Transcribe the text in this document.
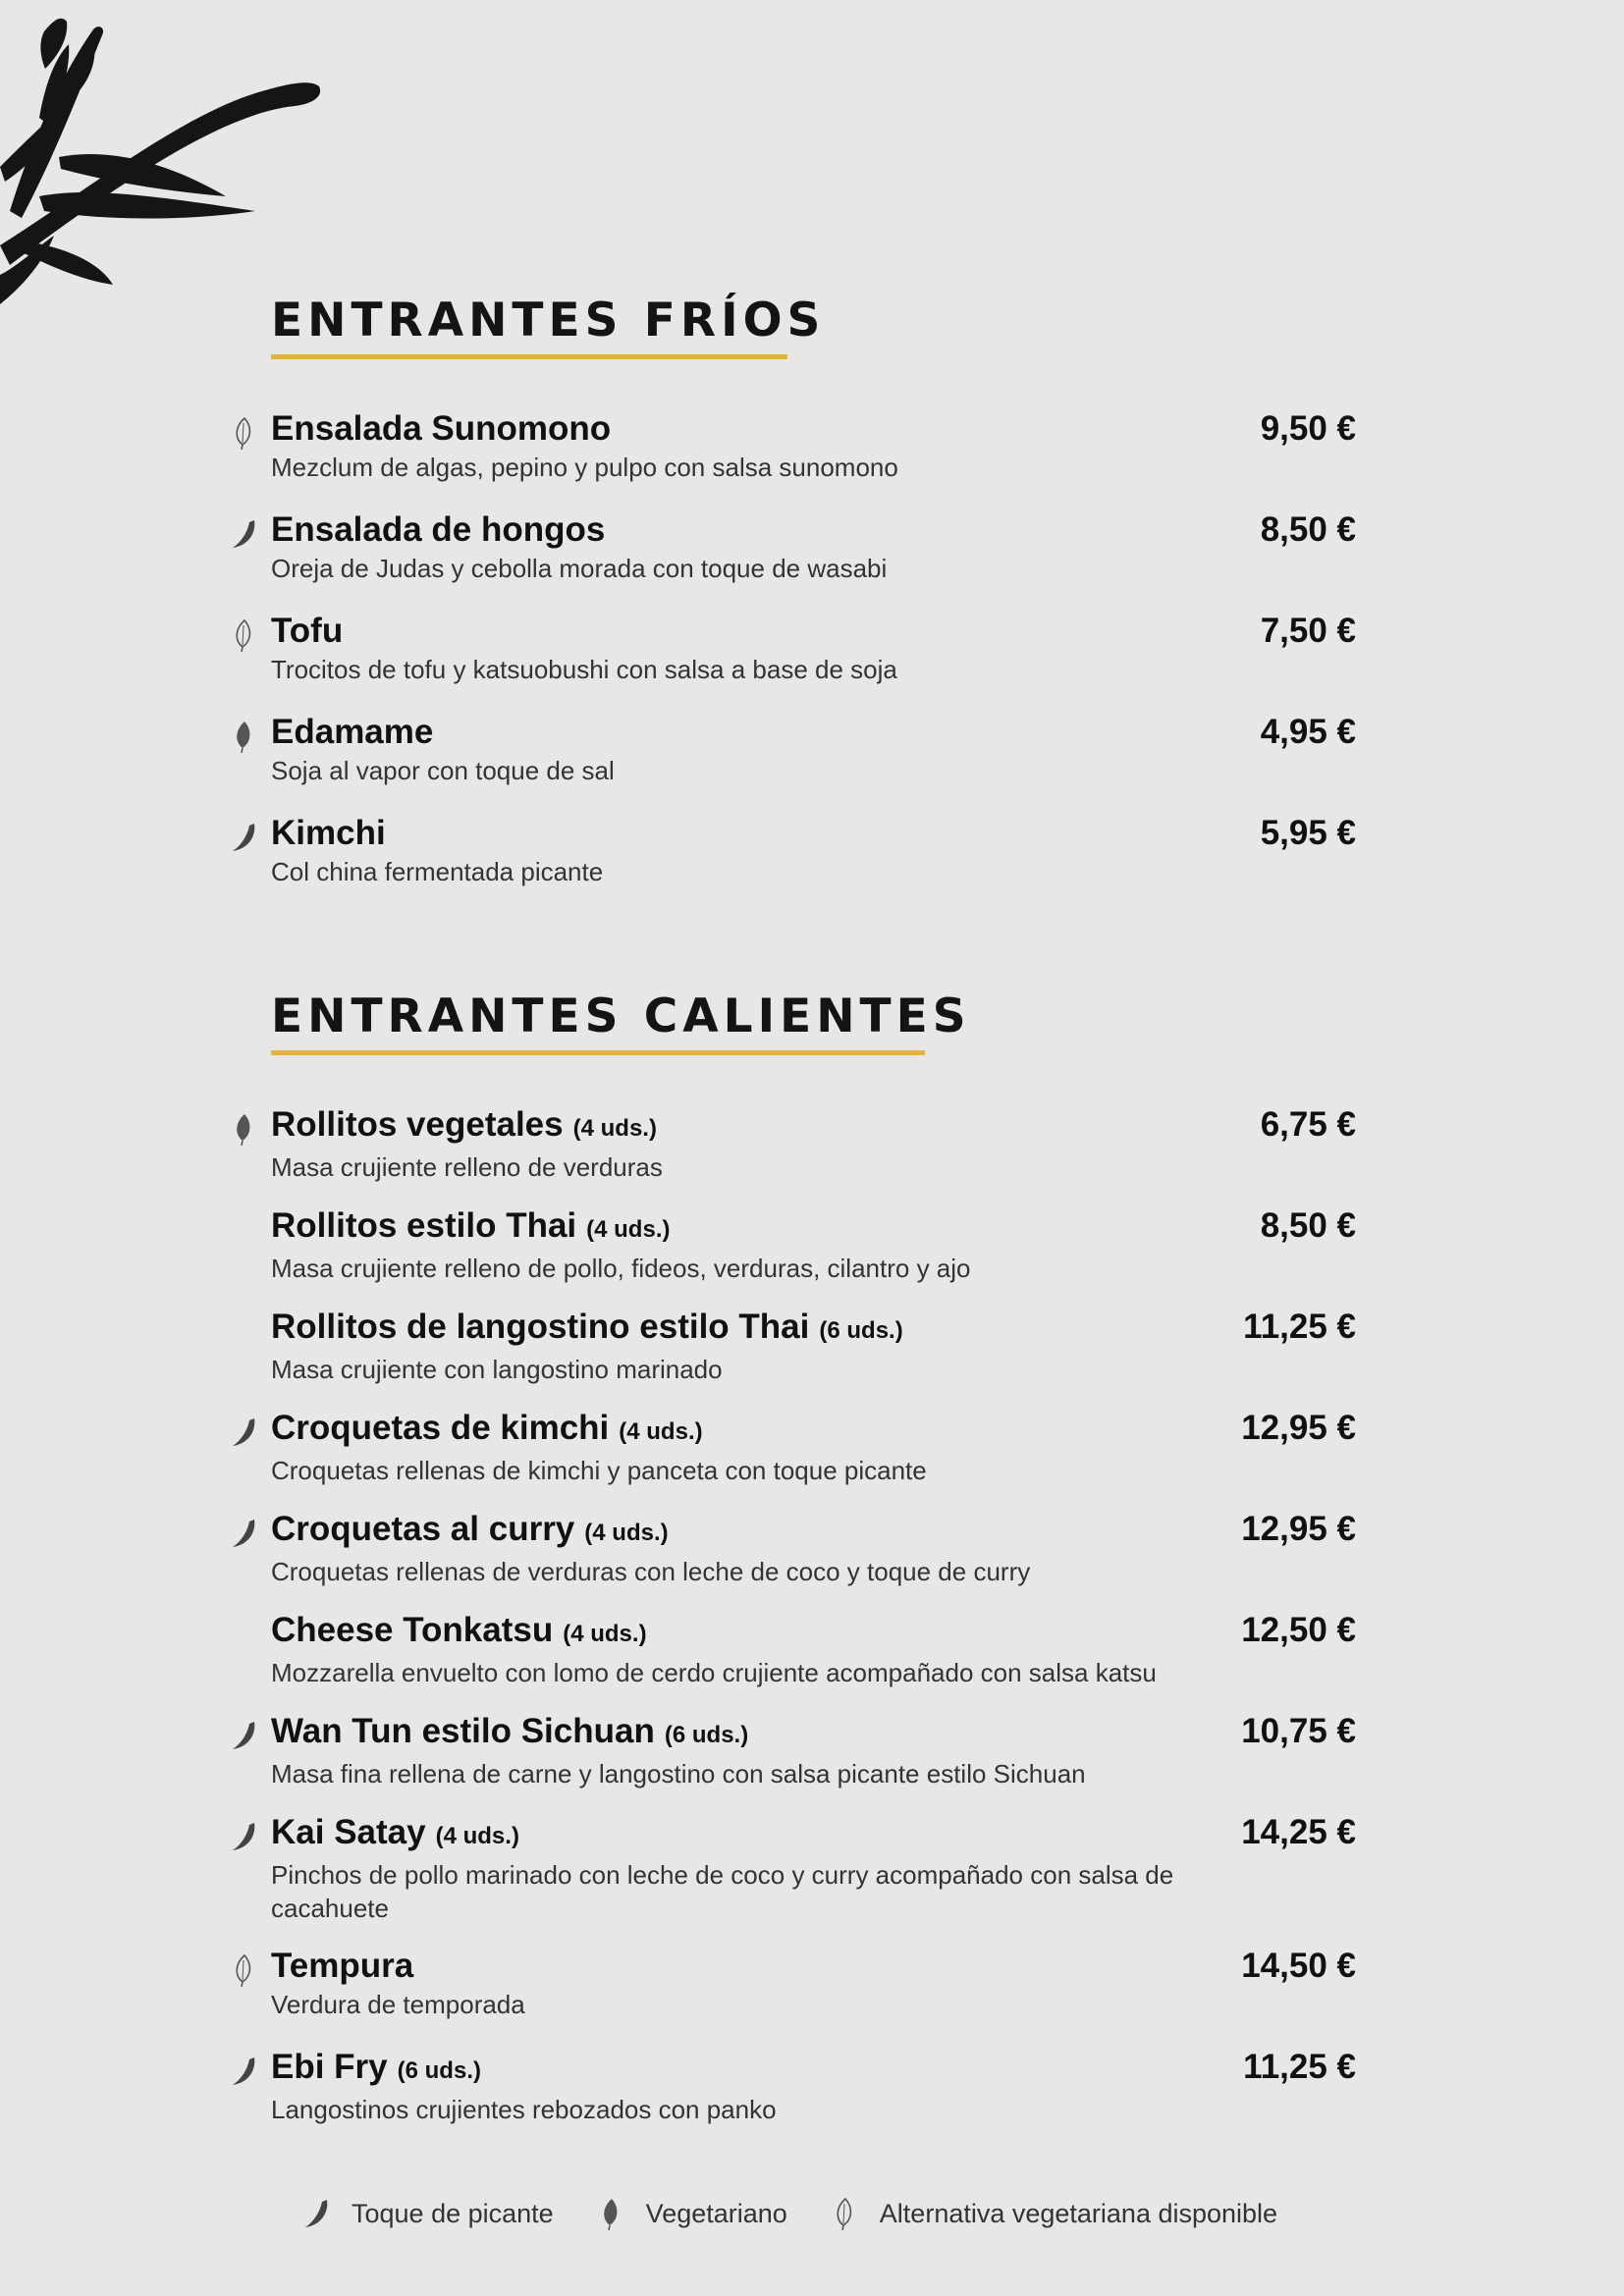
ENTRANTES FRÍOS
Ensalada Sunomono
Mezclum de algas, pepino y pulpo con salsa sunomono
9,50 €
Ensalada de hongos
Oreja de Judas y cebolla morada con toque de wasabi
8,50 €
Tofu
Trocitos de tofu y katsuobushi con salsa a base de soja
7,50 €
Edamame
Soja al vapor con toque de sal
4,95 €
Kimchi
Col china fermentada picante
5,95 €
ENTRANTES CALIENTES
Rollitos vegetales (4 uds.)
Masa crujiente relleno de verduras
6,75 €
Rollitos estilo Thai (4 uds.)
Masa crujiente relleno de pollo, fideos, verduras, cilantro y ajo
8,50 €
Rollitos de langostino estilo Thai (6 uds.)
Masa crujiente con langostino marinado
11,25 €
Croquetas de kimchi (4 uds.)
Croquetas rellenas de kimchi y panceta con toque picante
12,95 €
Croquetas al curry (4 uds.)
Croquetas rellenas de verduras con leche de coco y toque de curry
12,95 €
Cheese Tonkatsu (4 uds.)
Mozzarella envuelto con lomo de cerdo crujiente acompañado con salsa katsu
12,50 €
Wan Tun estilo Sichuan (6 uds.)
Masa fina rellena de carne y langostino con salsa picante estilo Sichuan
10,75 €
Kai Satay (4 uds.)
Pinchos de pollo marinado con leche de coco y curry acompañado con salsa de cacahuete
14,25 €
Tempura
Verdura de temporada
14,50 €
Ebi Fry (6 uds.)
Langostinos crujientes rebozados con panko
11,25 €
Toque de picante	Vegetariano	Alternativa vegetariana disponible
